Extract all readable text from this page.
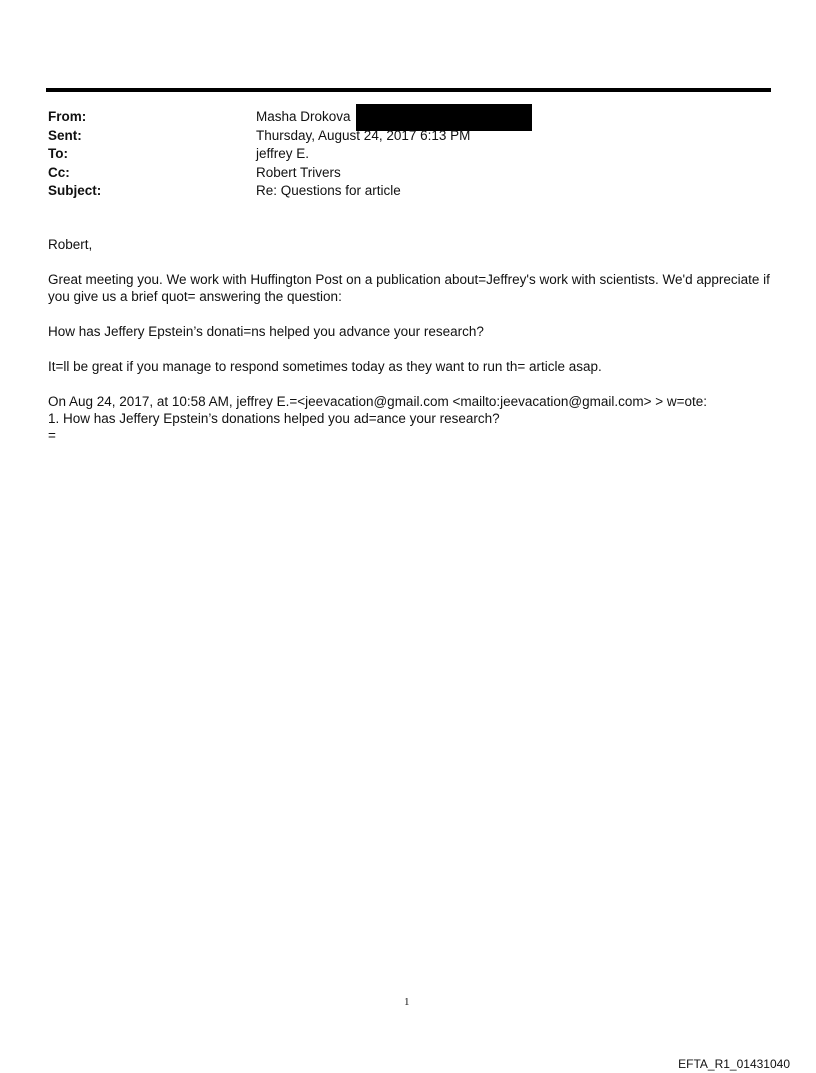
From:	Masha Drokova
Sent:	Thursday, August 24, 2017 6:13 PM
To:	jeffrey E.
Cc:	Robert Trivers
Subject:	Re: Questions for article

Robert,

Great meeting you. We work with Huffington Post on a publication about=Jeffrey's work with scientists. We'd appreciate if you give us a brief quot= answering the question:

How has Jeffery Epstein’s donati=ns helped you advance your research?

It=ll be great if you manage to respond sometimes today as they want to run th= article asap.

On Aug 24, 2017, at 10:58 AM, jeffrey E.=<jeevacation@gmail.com <mailto:jeevacation@gmail.com> > w=ote:

1. How has Jeffery Epstein’s donations helped you ad=ance your research?

=

1
EFTA_R1_01431040
